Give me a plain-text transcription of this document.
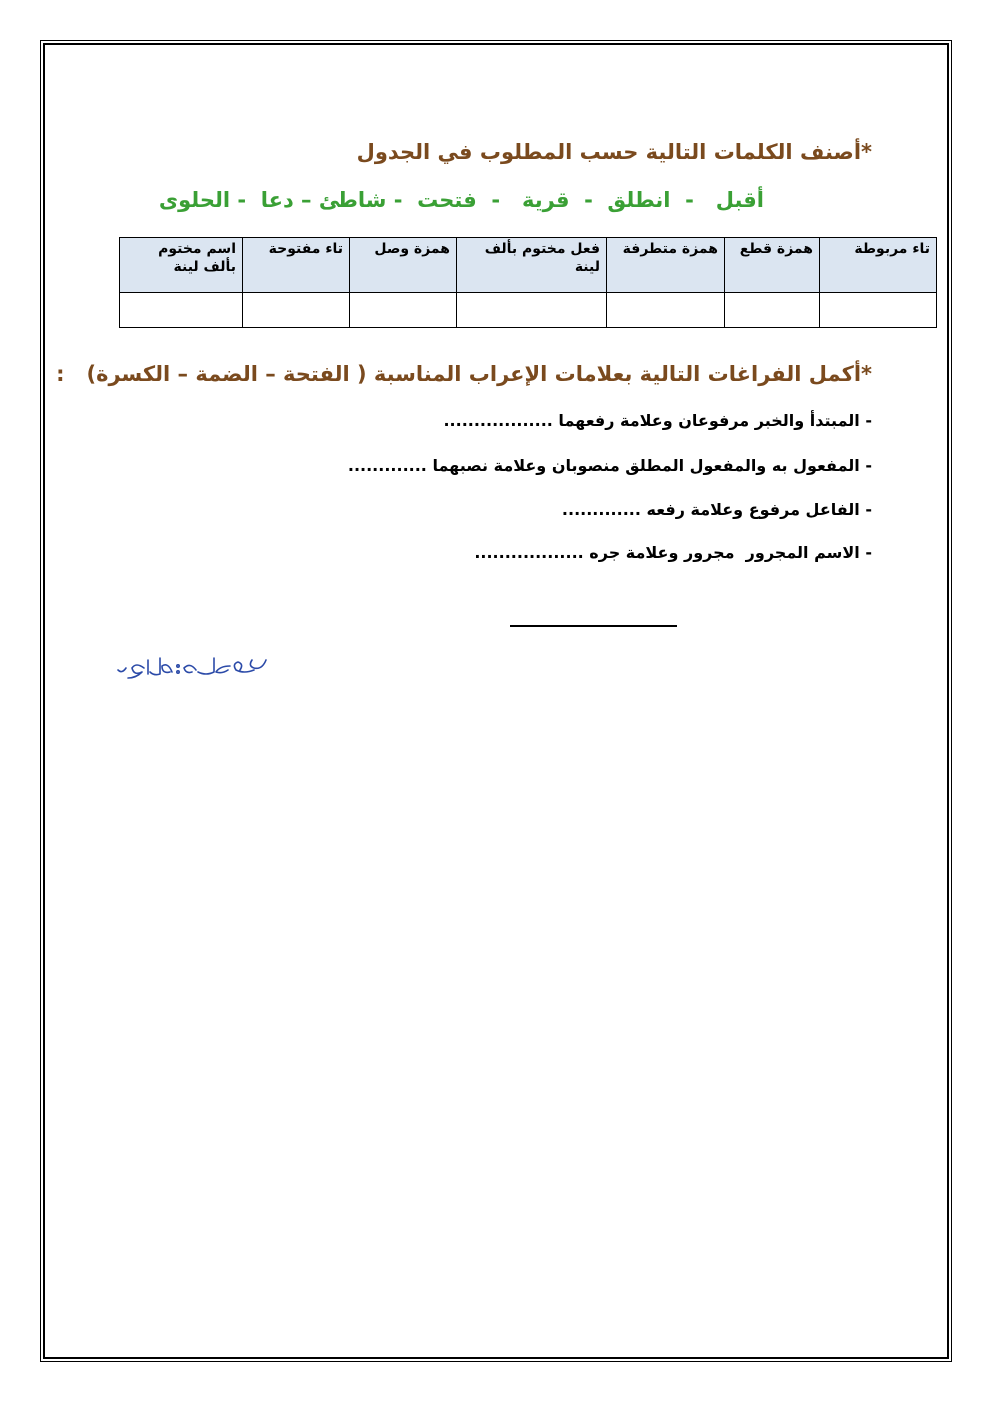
*أصنف الكلمات التالية حسب المطلوب في الجدول
أقبل   -  انطلق  -  قرية   -  فتحت  - شاطئ – دعا  - الحلوى
تاء مربوطة	همزة قطع	همزة متطرفة	فعل مختوم بألف لينة	همزة وصل	تاء مفتوحة	اسم مختوم بألف لينة

*أكمل الفراغات التالية بعلامات الإعراب المناسبة ( الفتحة – الضمة – الكسرة)   :
- المبتدأ والخبر مرفوعان وعلامة رفعهما ..................
- المفعول به والمفعول المطلق منصوبان وعلامة نصبهما .............
- الفاعل مرفوع وعلامة رفعه .............
- الاسم المجرور  مجرور وعلامة جره ..................
